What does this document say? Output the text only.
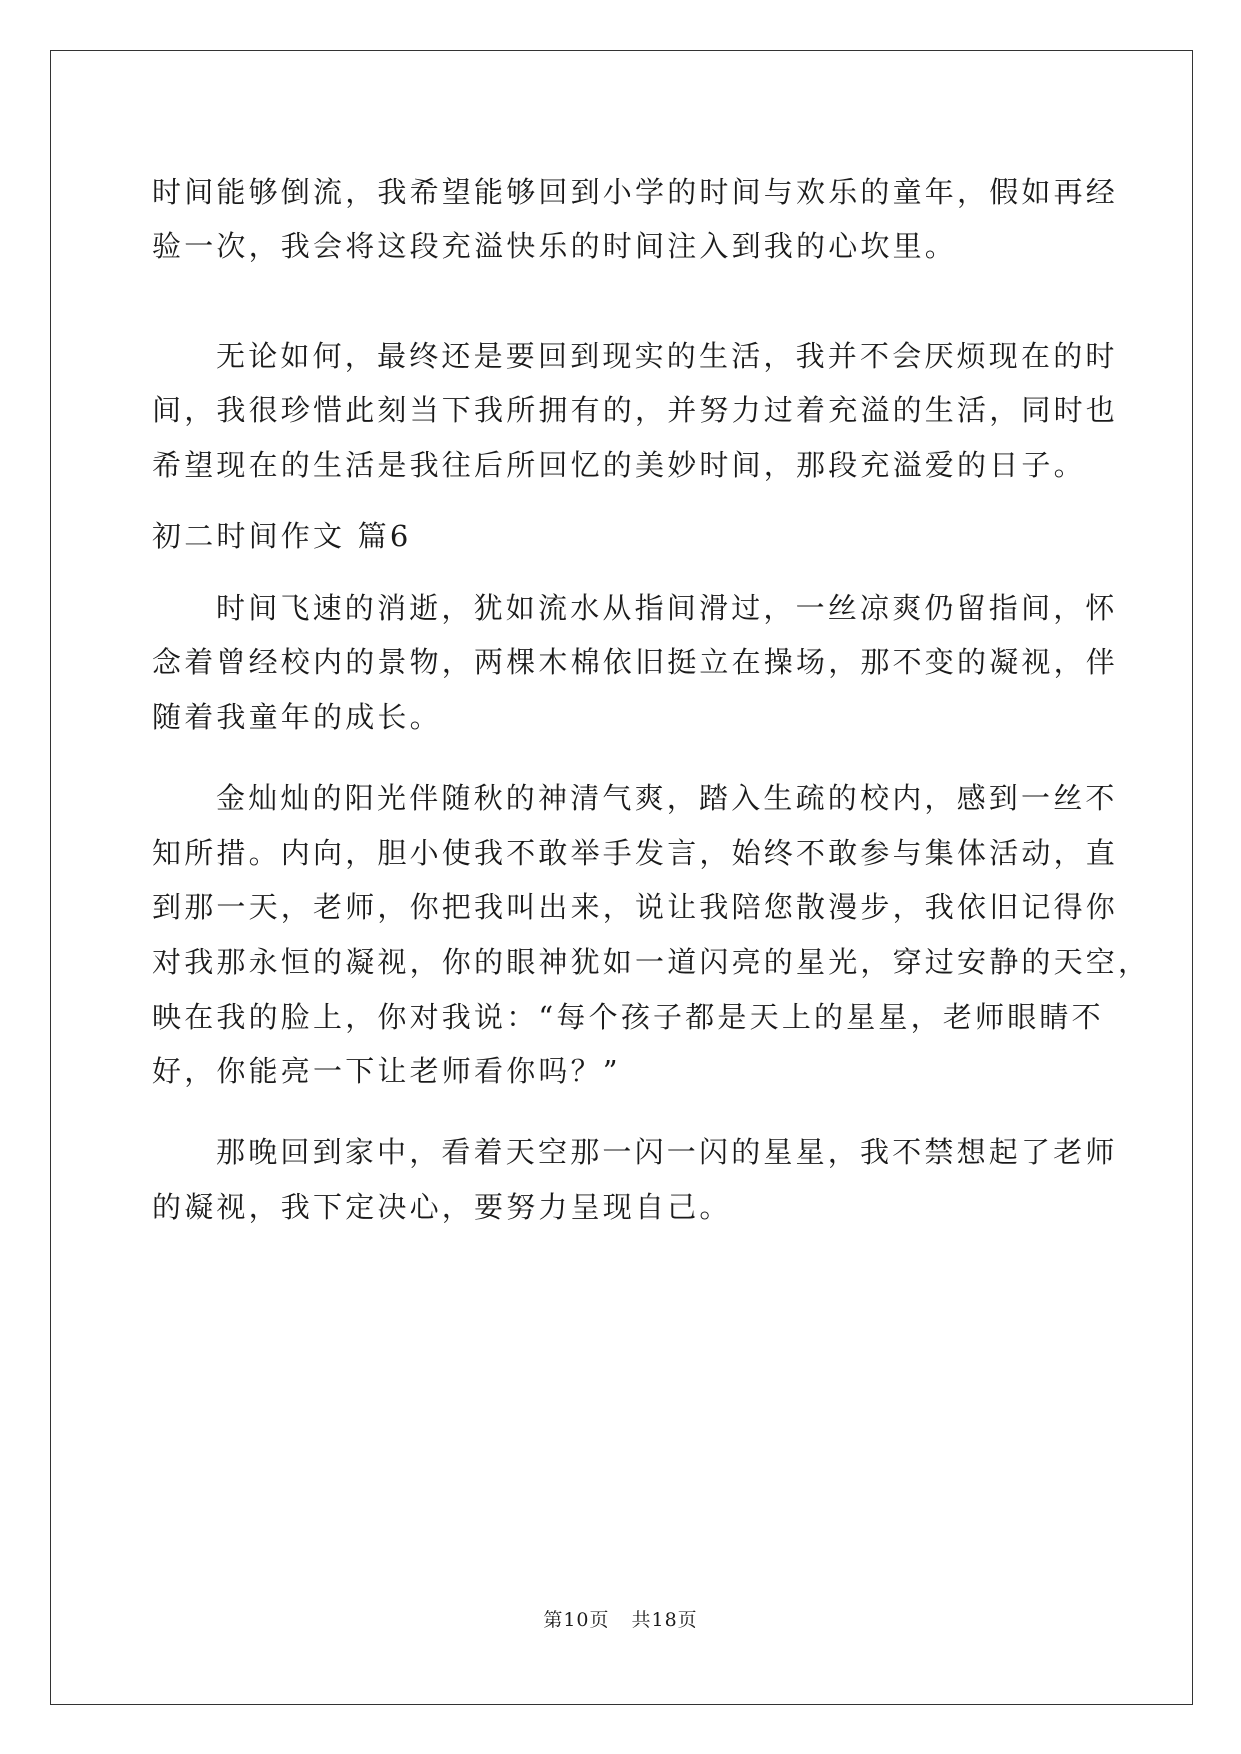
时间能够倒流，我希望能够回到小学的时间与欢乐的童年，假如再经
验一次，我会将这段充溢快乐的时间注入到我的心坎里。
无论如何，最终还是要回到现实的生活，我并不会厌烦现在的时
间，我很珍惜此刻当下我所拥有的，并努力过着充溢的生活，同时也
希望现在的生活是我往后所回忆的美妙时间，那段充溢爱的日子。
初二时间作文 篇6
时间飞速的消逝，犹如流水从指间滑过，一丝凉爽仍留指间，怀
念着曾经校内的景物，两棵木棉依旧挺立在操场，那不变的凝视，伴
随着我童年的成长。
金灿灿的阳光伴随秋的神清气爽，踏入生疏的校内，感到一丝不
知所措。内向，胆小使我不敢举手发言，始终不敢参与集体活动，直
到那一天，老师，你把我叫出来，说让我陪您散漫步，我依旧记得你
对我那永恒的凝视，你的眼神犹如一道闪亮的星光，穿过安静的天空，
映在我的脸上，你对我说：“每个孩子都是天上的星星，老师眼睛不
好，你能亮一下让老师看你吗？”
那晚回到家中，看着天空那一闪一闪的星星，我不禁想起了老师
的凝视，我下定决心，要努力呈现自己。
第10页 共18页
